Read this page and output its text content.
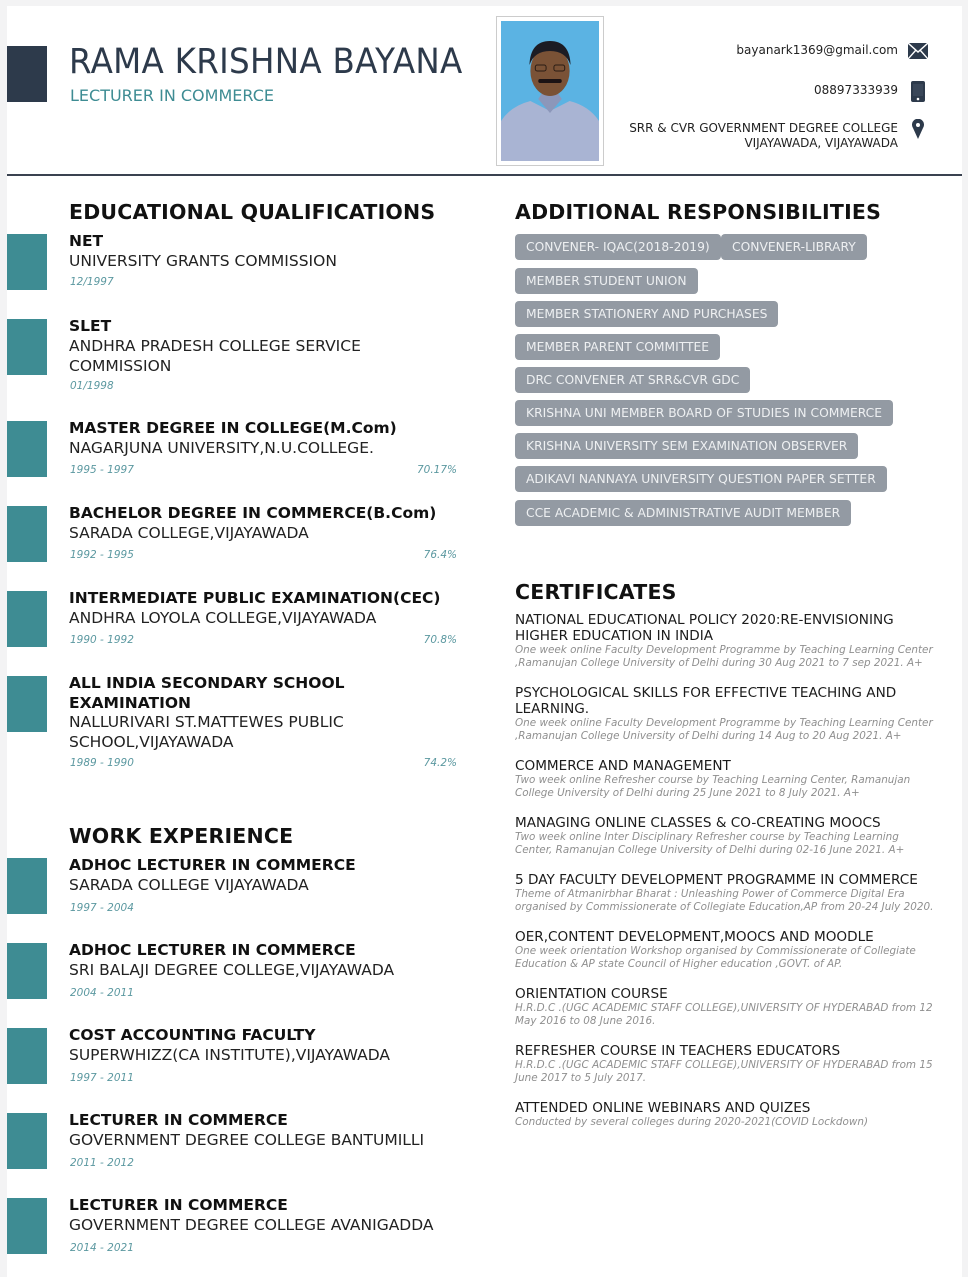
RAMA KRISHNA BAYANA
LECTURER IN COMMERCE
bayanark1369@gmail.com
08897333939
SRR & CVR GOVERNMENT DEGREE COLLEGE
VIJAYAWADA, VIJAYAWADA
EDUCATIONAL QUALIFICATIONS
NET
UNIVERSITY GRANTS COMMISSION
12/1997
SLET
ANDHRA PRADESH COLLEGE SERVICE COMMISSION
01/1998
MASTER DEGREE IN COLLEGE(M.Com)
NAGARJUNA UNIVERSITY,N.U.COLLEGE.
1995 - 1997	70.17%
BACHELOR DEGREE IN COMMERCE(B.Com)
SARADA COLLEGE,VIJAYAWADA
1992 - 1995	76.4%
INTERMEDIATE PUBLIC EXAMINATION(CEC)
ANDHRA LOYOLA COLLEGE,VIJAYAWADA
1990 - 1992	70.8%
ALL INDIA SECONDARY SCHOOL EXAMINATION
NALLURIVARI ST.MATTEWES PUBLIC SCHOOL,VIJAYAWADA
1989 - 1990	74.2%
WORK EXPERIENCE
ADHOC LECTURER IN COMMERCE
SARADA COLLEGE VIJAYAWADA
1997 - 2004
ADHOC LECTURER IN COMMERCE
SRI BALAJI DEGREE COLLEGE,VIJAYAWADA
2004 - 2011
COST ACCOUNTING FACULTY
SUPERWHIZZ(CA INSTITUTE),VIJAYAWADA
1997 - 2011
LECTURER IN COMMERCE
GOVERNMENT DEGREE COLLEGE BANTUMILLI
2011 - 2012
LECTURER IN COMMERCE
GOVERNMENT DEGREE COLLEGE AVANIGADDA
2014 - 2021
ADDITIONAL RESPONSIBILITIES
CONVENER- IQAC(2018-2019)	CONVENER-LIBRARY
MEMBER STUDENT UNION
MEMBER STATIONERY AND PURCHASES
MEMBER PARENT COMMITTEE
DRC CONVENER AT SRR&CVR GDC
KRISHNA UNI MEMBER BOARD OF STUDIES IN COMMERCE
KRISHNA UNIVERSITY SEM EXAMINATION OBSERVER
ADIKAVI NANNAYA UNIVERSITY QUESTION PAPER SETTER
CCE ACADEMIC & ADMINISTRATIVE AUDIT MEMBER
CERTIFICATES
NATIONAL EDUCATIONAL POLICY 2020:RE-ENVISIONING HIGHER EDUCATION IN INDIA
One week online Faculty Development Programme by Teaching Learning Center ,Ramanujan College University of Delhi during 30 Aug 2021 to 7 sep 2021. A+
PSYCHOLOGICAL SKILLS FOR EFFECTIVE TEACHING AND LEARNING.
One week online Faculty Development Programme by Teaching Learning Center ,Ramanujan College University of Delhi during 14 Aug to 20 Aug 2021. A+
COMMERCE AND MANAGEMENT
Two week online Refresher course by Teaching Learning Center, Ramanujan College University of Delhi during 25 June 2021 to 8 July 2021. A+
MANAGING ONLINE CLASSES & CO-CREATING MOOCS
Two week online Inter Disciplinary Refresher course by Teaching Learning Center, Ramanujan College University of Delhi during 02-16 June 2021. A+
5 DAY FACULTY DEVELOPMENT PROGRAMME IN COMMERCE
Theme of Atmanirbhar Bharat : Unleashing Power of Commerce Digital Era organised by Commissionerate of Collegiate Education,AP from 20-24 July 2020.
OER,CONTENT DEVELOPMENT,MOOCS AND MOODLE
One week orientation Workshop organised by Commissionerate of Collegiate Education & AP state Council of Higher education ,GOVT. of AP.
ORIENTATION COURSE
H.R.D.C .(UGC ACADEMIC STAFF COLLEGE),UNIVERSITY OF HYDERABAD from 12 May 2016 to 08 June 2016.
REFRESHER COURSE IN TEACHERS EDUCATORS
H.R.D.C .(UGC ACADEMIC STAFF COLLEGE),UNIVERSITY OF HYDERABAD from 15 June 2017 to 5 July 2017.
ATTENDED ONLINE WEBINARS AND QUIZES
Conducted by several colleges during 2020-2021(COVID Lockdown)
